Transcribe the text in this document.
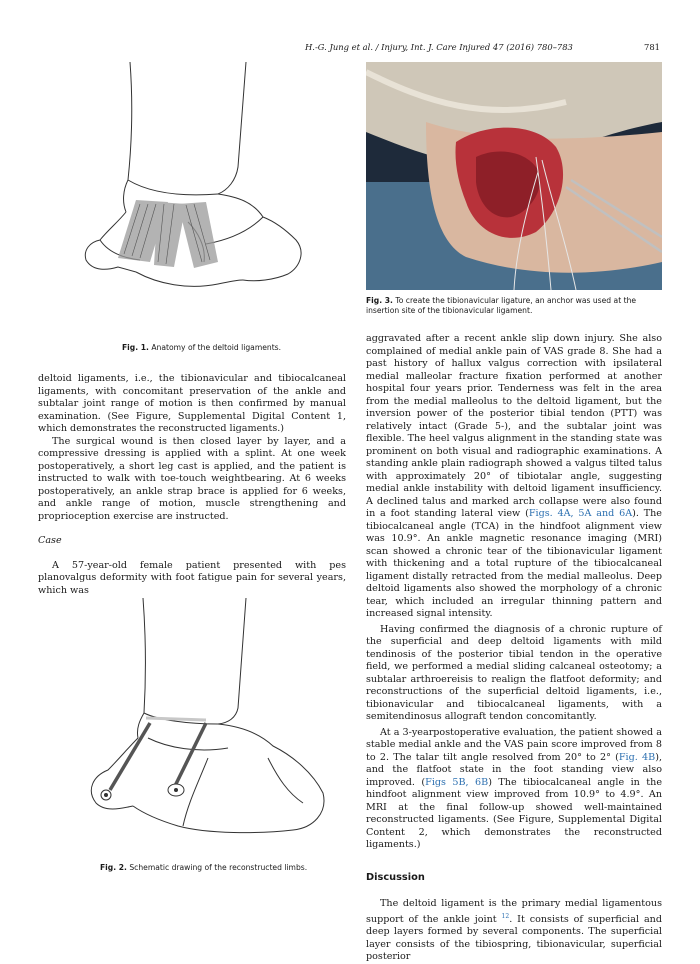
H.-G. Jung et al. / Injury, Int. J. Care Injured 47 (2016) 780–783	781
Fig. 1. Anatomy of the deltoid ligaments.
Fig. 3. To create the tibionavicular ligature, an anchor was used at the insertion site of the tibionavicular ligament.

deltoid ligaments, i.e., the tibionavicular and tibiocalcaneal ligaments, with concomitant preservation of the ankle and subtalar joint range of motion is then confirmed by manual examination. (See Figure, Supplemental Digital Content 1, which demonstrates the reconstructed ligaments.)

The surgical wound is then closed layer by layer, and a compressive dressing is applied with a splint. At one week postoperatively, a short leg cast is applied, and the patient is instructed to walk with toe-touch weightbearing. At 6 weeks postoperatively, an ankle strap brace is applied for 6 weeks, and ankle range of motion, muscle strengthening and proprioception exercise are instructed.

Case

A 57-year-old female patient presented with pes planovalgus deformity with foot fatigue pain for several years, which was

Fig. 2. Schematic drawing of the reconstructed limbs.

aggravated after a recent ankle slip down injury. She also complained of medial ankle pain of VAS grade 8. She had a past history of hallux valgus correction with ipsilateral medial malleolar fracture fixation performed at another hospital four years prior. Tenderness was felt in the area from the medial malleolus to the deltoid ligament, but the inversion power of the posterior tibial tendon (PTT) was relatively intact (Grade 5-), and the subtalar joint was flexible. The heel valgus alignment in the standing state was prominent on both visual and radiographic examinations. A standing ankle plain radiograph showed a valgus tilted talus with approximately 20° of tibiotalar angle, suggesting medial ankle instability with deltoid ligament insufficiency. A declined talus and marked arch collapse were also found in a foot standing lateral view (Figs. 4A, 5A and 6A). The tibiocalcaneal angle (TCA) in the hindfoot alignment view was 10.9°. An ankle magnetic resonance imaging (MRI) scan showed a chronic tear of the tibionavicular ligament with thickening and a total rupture of the tibiocalcaneal ligament distally retracted from the medial malleolus. Deep deltoid ligaments also showed the morphology of a chronic tear, which included an irregular thinning pattern and increased signal intensity.

Having confirmed the diagnosis of a chronic rupture of the superficial and deep deltoid ligaments with mild tendinosis of the posterior tibial tendon in the operative field, we performed a medial sliding calcaneal osteotomy; a subtalar arthroereisis to realign the flatfoot deformity; and reconstructions of the superficial deltoid ligaments, i.e., tibionavicular and tibiocalcaneal ligaments, with a semitendinosus allograft tendon concomitantly.

At a 3-yearpostoperative evaluation, the patient showed a stable medial ankle and the VAS pain score improved from 8 to 2. The talar tilt angle resolved from 20° to 2° (Fig. 4B), and the flatfoot state in the foot standing view also improved. (Figs 5B, 6B) The tibiocalcaneal angle in the hindfoot alignment view improved from 10.9° to 4.9°. An MRI at the final follow-up showed well-maintained reconstructed ligaments. (See Figure, Supplemental Digital Content 2, which demonstrates the reconstructed ligaments.)

Discussion

The deltoid ligament is the primary medial ligamentous support of the ankle joint $^{12}$. It consists of superficial and deep layers formed by several components. The superficial layer consists of the tibiospring, tibionavicular, superficial posterior
